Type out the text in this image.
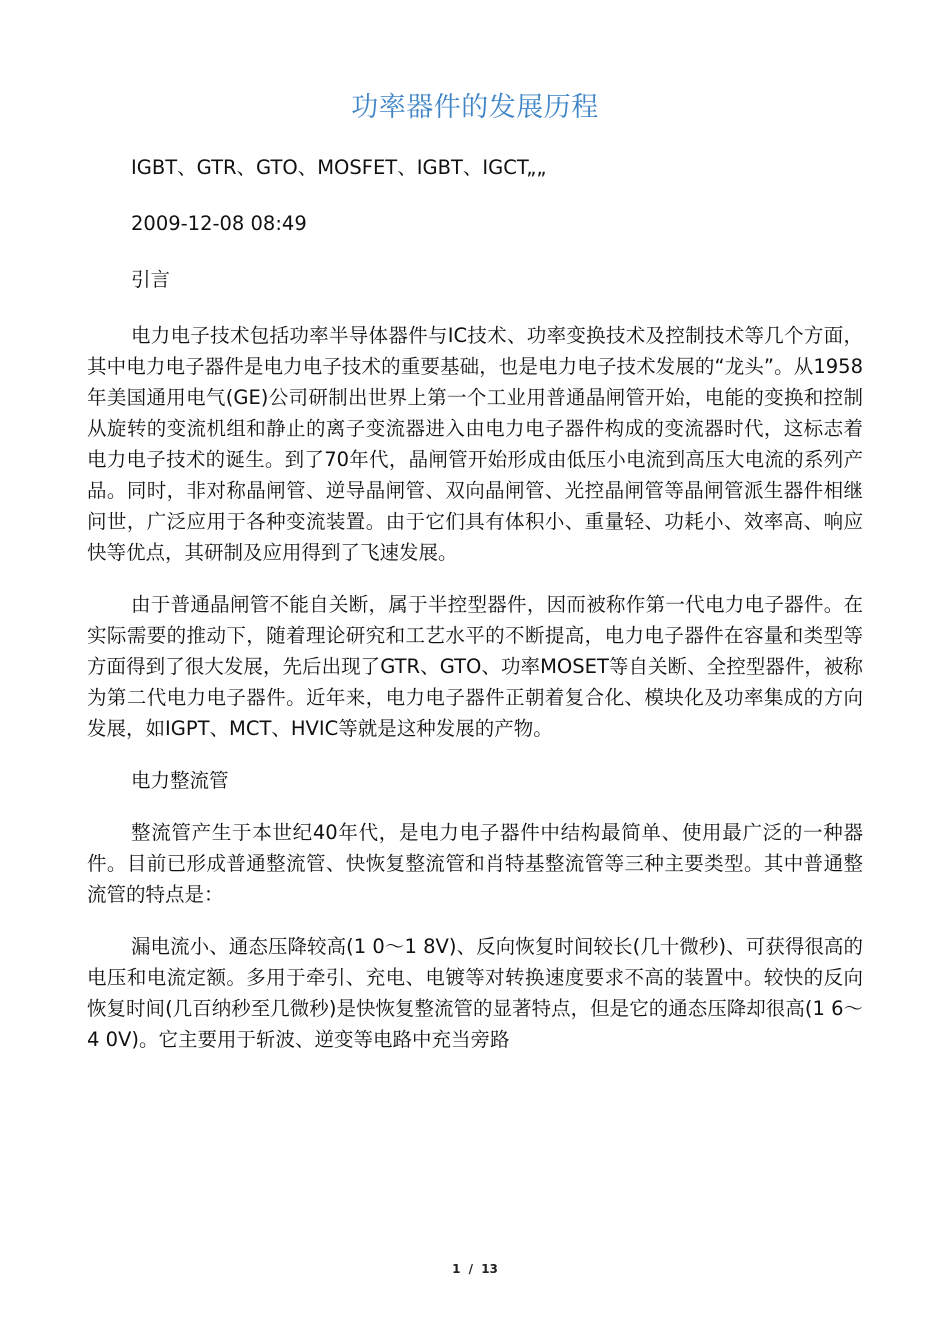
功率器件的发展历程

IGBT、GTR、GTO、MOSFET、IGBT、IGCT„„

2009-12-08 08:49

引言

电力电子技术包括功率半导体器件与IC技术、功率变换技术及控制技术等几个方面，其中电力电子器件是电力电子技术的重要基础，也是电力电子技术发展的“龙头”。从1958年美国通用电气(GE)公司研制出世界上第一个工业用普通晶闸管开始，电能的变换和控制从旋转的变流机组和静止的离子变流器进入由电力电子器件构成的变流器时代，这标志着电力电子技术的诞生。到了70年代，晶闸管开始形成由低压小电流到高压大电流的系列产品。同时，非对称晶闸管、逆导晶闸管、双向晶闸管、光控晶闸管等晶闸管派生器件相继问世，广泛应用于各种变流装置。由于它们具有体积小、重量轻、功耗小、效率高、响应快等优点，其研制及应用得到了飞速发展。

由于普通晶闸管不能自关断，属于半控型器件，因而被称作第一代电力电子器件。在实际需要的推动下，随着理论研究和工艺水平的不断提高，电力电子器件在容量和类型等方面得到了很大发展，先后出现了GTR、GTO、功率MOSET等自关断、全控型器件，被称为第二代电力电子器件。近年来，电力电子器件正朝着复合化、模块化及功率集成的方向发展，如IGPT、MCT、HVIC等就是这种发展的产物。

电力整流管

整流管产生于本世纪40年代，是电力电子器件中结构最简单、使用最广泛的一种器件。目前已形成普通整流管、快恢复整流管和肖特基整流管等三种主要类型。其中普通整流管的特点是：

漏电流小、通态压降较高(1 0～1 8V)、反向恢复时间较长(几十微秒)、可获得很高的电压和电流定额。多用于牵引、充电、电镀等对转换速度要求不高的装置中。较快的反向恢复时间(几百纳秒至几微秒)是快恢复整流管的显著特点，但是它的通态压降却很高(1 6～4 0V)。它主要用于斩波、逆变等电路中充当旁路

1 / 13
